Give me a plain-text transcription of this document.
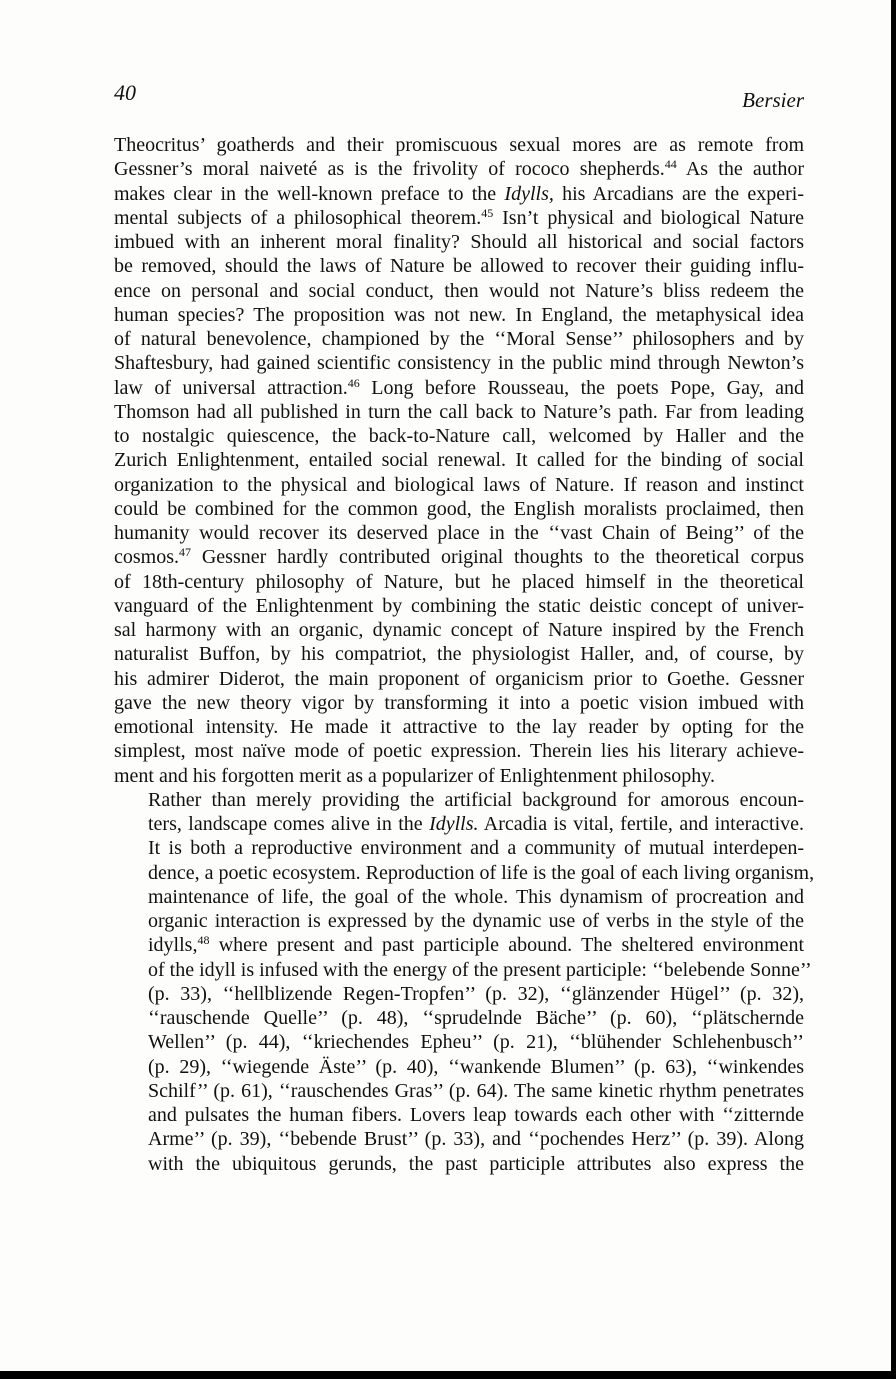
40	Bersier

Theocritus’ goatherds and their promiscuous sexual mores are as remote from
Gessner’s moral naiveté as is the frivolity of rococo shepherds.$^{44}$ As the author
makes clear in the well-known preface to the Idylls, his Arcadians are the experi-
mental subjects of a philosophical theorem.$^{45}$ Isn’t physical and biological Nature
imbued with an inherent moral finality? Should all historical and social factors
be removed, should the laws of Nature be allowed to recover their guiding influ-
ence on personal and social conduct, then would not Nature’s bliss redeem the
human species? The proposition was not new. In England, the metaphysical idea
of natural benevolence, championed by the ‘‘Moral Sense’’ philosophers and by
Shaftesbury, had gained scientific consistency in the public mind through Newton’s
law of universal attraction.$^{46}$ Long before Rousseau, the poets Pope, Gay, and
Thomson had all published in turn the call back to Nature’s path. Far from leading
to nostalgic quiescence, the back-to-Nature call, welcomed by Haller and the
Zurich Enlightenment, entailed social renewal. It called for the binding of social
organization to the physical and biological laws of Nature. If reason and instinct
could be combined for the common good, the English moralists proclaimed, then
humanity would recover its deserved place in the ‘‘vast Chain of Being’’ of the
cosmos.$^{47}$ Gessner hardly contributed original thoughts to the theoretical corpus
of 18th-century philosophy of Nature, but he placed himself in the theoretical
vanguard of the Enlightenment by combining the static deistic concept of univer-
sal harmony with an organic, dynamic concept of Nature inspired by the French
naturalist Buffon, by his compatriot, the physiologist Haller, and, of course, by
his admirer Diderot, the main proponent of organicism prior to Goethe. Gessner
gave the new theory vigor by transforming it into a poetic vision imbued with
emotional intensity. He made it attractive to the lay reader by opting for the
simplest, most naïve mode of poetic expression. Therein lies his literary achieve-
ment and his forgotten merit as a popularizer of Enlightenment philosophy.

Rather than merely providing the artificial background for amorous encoun-
ters, landscape comes alive in the Idylls. Arcadia is vital, fertile, and interactive.
It is both a reproductive environment and a community of mutual interdepen-
dence, a poetic ecosystem. Reproduction of life is the goal of each living organism,
maintenance of life, the goal of the whole. This dynamism of procreation and
organic interaction is expressed by the dynamic use of verbs in the style of the
idylls,$^{48}$ where present and past participle abound. The sheltered environment
of the idyll is infused with the energy of the present participle: ‘‘belebende Sonne’’
(p. 33), ‘‘hellblizende Regen-Tropfen’’ (p. 32), ‘‘glänzender Hügel’’ (p. 32),
‘‘rauschende Quelle’’ (p. 48), ‘‘sprudelnde Bäche’’ (p. 60), ‘‘plätschernde
Wellen’’ (p. 44), ‘‘kriechendes Epheu’’ (p. 21), ‘‘blühender Schlehenbusch’’
(p. 29), ‘‘wiegende Äste’’ (p. 40), ‘‘wankende Blumen’’ (p. 63), ‘‘winkendes
Schilf’’ (p. 61), ‘‘rauschendes Gras’’ (p. 64). The same kinetic rhythm penetrates
and pulsates the human fibers. Lovers leap towards each other with ‘‘zitternde
Arme’’ (p. 39), ‘‘bebende Brust’’ (p. 33), and ‘‘pochendes Herz’’ (p. 39). Along
with the ubiquitous gerunds, the past participle attributes also express the
